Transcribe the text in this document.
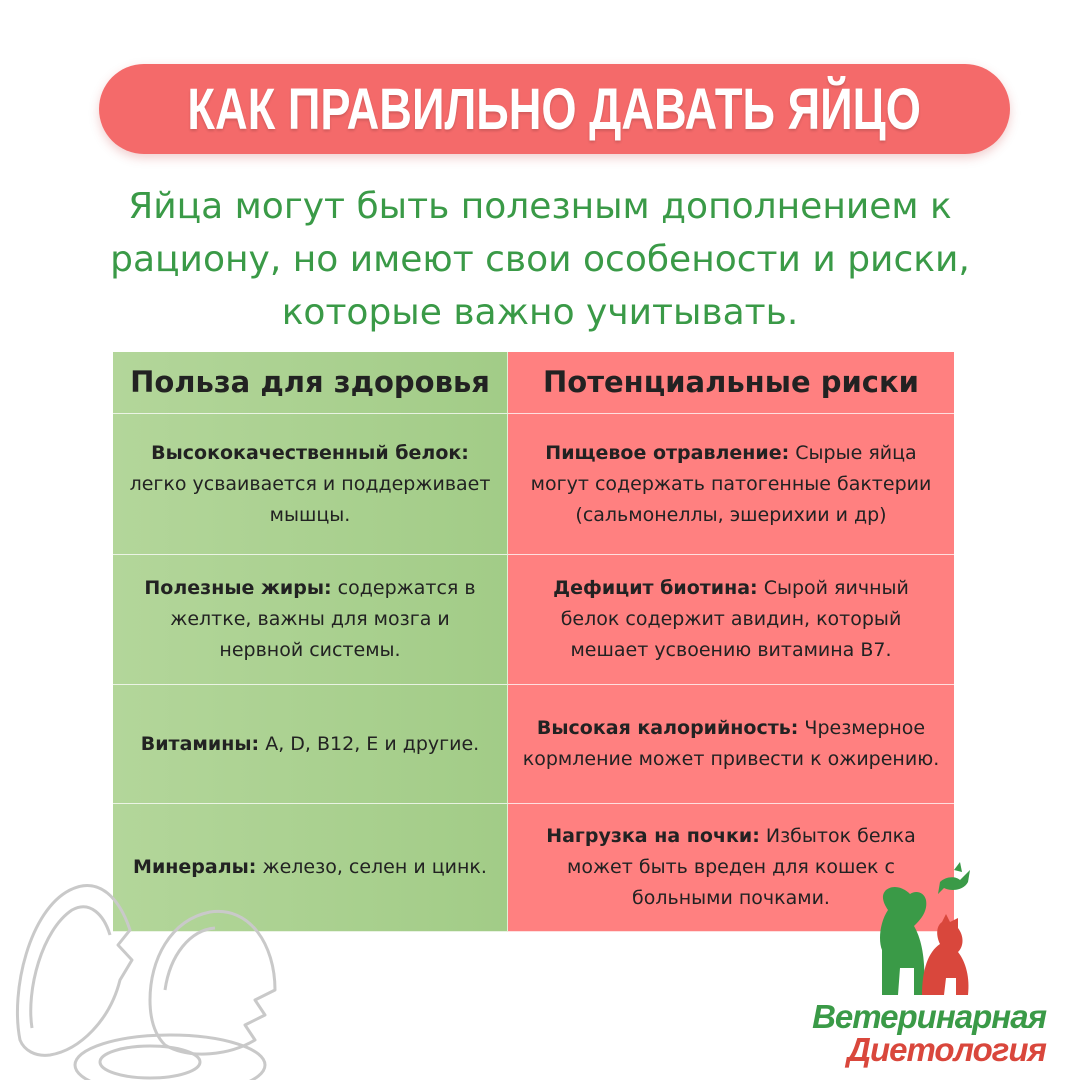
КАК ПРАВИЛЬНО ДАВАТЬ ЯЙЦО
Яйца могут быть полезным дополнением к рациону, но имеют свои особености и риски, которые важно учитывать.
Польза для здоровья	Потенциальные риски
Высококачественный белок:
легко усваивается и поддерживает мышцы.
Пищевое отравление: Сырые яйца могут содержать патогенные бактерии (сальмонеллы, эшерихии и др)
Полезные жиры: содержатся в желтке, важны для мозга и нервной системы.
Дефицит биотина: Сырой яичный белок содержит авидин, который мешает усвоению витамина В7.
Витамины: A, D, B12, E и другие.
Высокая калорийность: Чрезмерное кормление может привести к ожирению.
Минералы: железо, селен и цинк.
Нагрузка на почки: Избыток белка может быть вреден для кошек с больными почками.
Ветеринарная
Диетология
